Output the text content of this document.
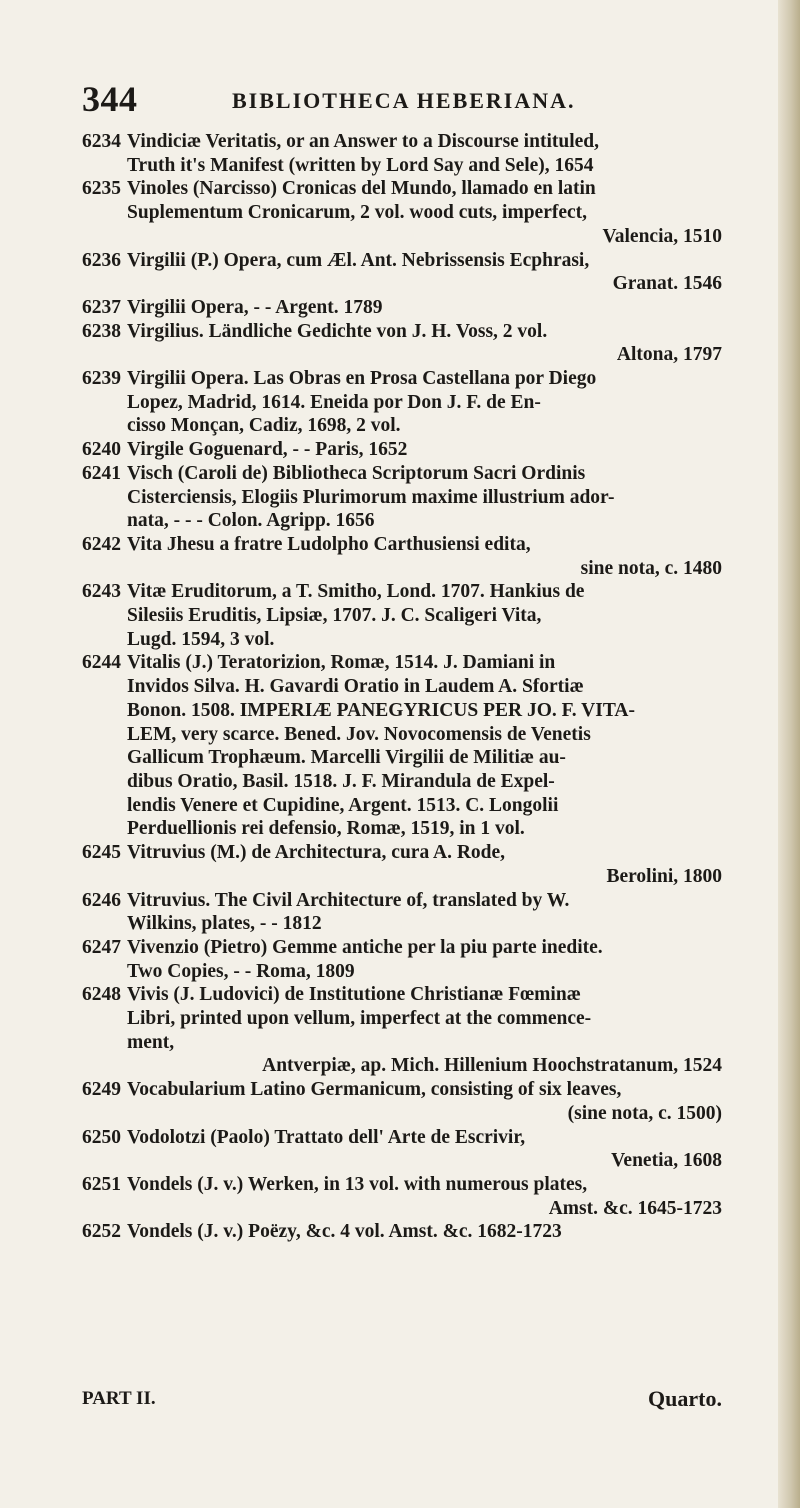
344	BIBLIOTHECA HEBERIANA.
6234 Vindiciæ Veritatis, or an Answer to a Discourse intituled,
Truth it's Manifest (written by Lord Say and Sele), 1654
6235 Vinoles (Narcisso) Cronicas del Mundo, llamado en latin
Suplementum Cronicarum, 2 vol. wood cuts, imperfect,
Valencia, 1510
6236 Virgilii (P.) Opera, cum Æl. Ant. Nebrissensis Ecphrasi,
Granat. 1546
6237 Virgilii Opera, - - Argent. 1789
6238 Virgilius. Ländliche Gedichte von J. H. Voss, 2 vol.
Altona, 1797
6239 Virgilii Opera. Las Obras en Prosa Castellana por Diego
Lopez, Madrid, 1614. Eneida por Don J. F. de En-
cisso Monçan, Cadiz, 1698, 2 vol.
6240 Virgile Goguenard, - - Paris, 1652
6241 Visch (Caroli de) Bibliotheca Scriptorum Sacri Ordinis
Cisterciensis, Elogiis Plurimorum maxime illustrium ador-
nata, - - - Colon. Agripp. 1656
6242 Vita Jhesu a fratre Ludolpho Carthusiensi edita,
sine nota, c. 1480
6243 Vitæ Eruditorum, a T. Smitho, Lond. 1707. Hankius de
Silesiis Eruditis, Lipsiæ, 1707. J. C. Scaligeri Vita,
Lugd. 1594, 3 vol.
6244 Vitalis (J.) Teratorizion, Romæ, 1514. J. Damiani in
Invidos Silva. H. Gavardi Oratio in Laudem A. Sfortiæ
Bonon. 1508. IMPERIÆ PANEGYRICUS PER JO. F. VITA-
LEM, very scarce. Bened. Jov. Novocomensis de Venetis
Gallicum Trophæum. Marcelli Virgilii de Militiæ au-
dibus Oratio, Basil. 1518. J. F. Mirandula de Expel-
lendis Venere et Cupidine, Argent. 1513. C. Longolii
Perduellionis rei defensio, Romæ, 1519, in 1 vol.
6245 Vitruvius (M.) de Architectura, cura A. Rode,
Berolini, 1800
6246 Vitruvius. The Civil Architecture of, translated by W.
Wilkins, plates, - - 1812
6247 Vivenzio (Pietro) Gemme antiche per la piu parte inedite.
Two Copies, - - Roma, 1809
6248 Vivis (J. Ludovici) de Institutione Christianæ Fœminæ
Libri, printed upon vellum, imperfect at the commence-
ment,
Antverpiæ, ap. Mich. Hillenium Hoochstratanum, 1524
6249 Vocabularium Latino Germanicum, consisting of six leaves,
(sine nota, c. 1500)
6250 Vodolotzi (Paolo) Trattato dell' Arte de Escrivir,
Venetia, 1608
6251 Vondels (J. v.) Werken, in 13 vol. with numerous plates,
Amst. &c. 1645-1723
6252 Vondels (J. v.) Poëzy, &c. 4 vol. Amst. &c. 1682-1723
PART II.	Quarto.
